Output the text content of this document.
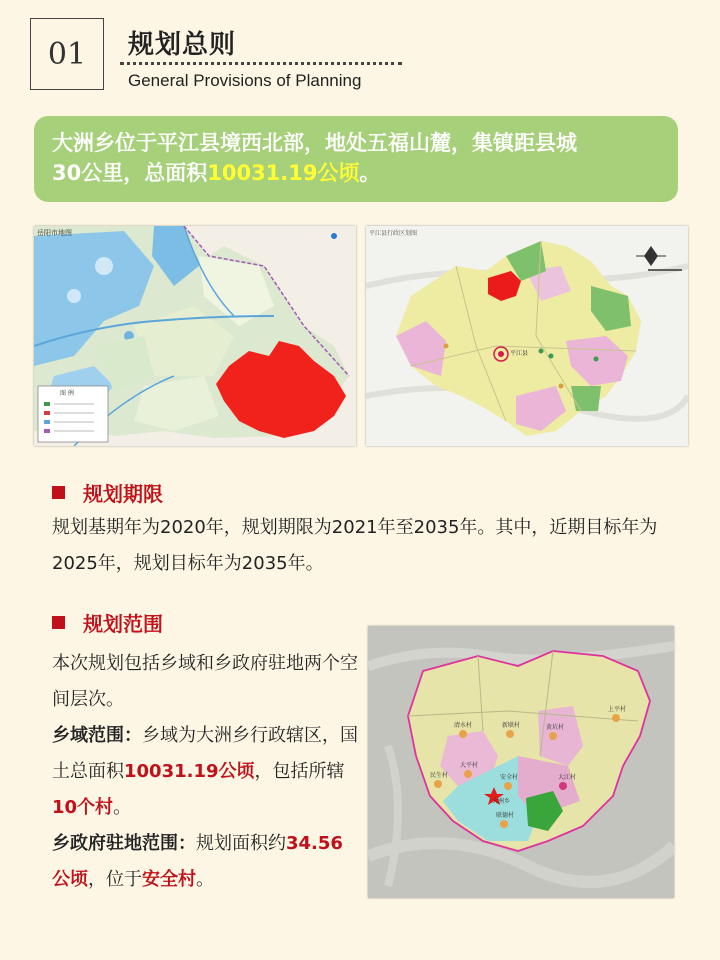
01 规划总则
General Provisions of Planning
大洲乡位于平江县境西北部，地处五福山麓，集镇距县城
30公里，总面积10031.19公顷。
岳阳市地图
图 例
平江县行政区划图
平江县
规划期限
规划基期年为2020年，规划期限为2021年至2035年。其中，近期目标年为2025年，规划目标年为2035年。
规划范围
本次规划包括乡域和乡政府驻地两个空间层次。
乡域范围：乡域为大洲乡行政辖区，国土总面积10031.19公顷，包括所辖10个村。
乡政府驻地范围：规划面积约34.56公顷，位于安全村。
清水村	新联村	黄坑村
上平村
大平村
安全村
民生村
大洲乡
大江村
联德村
